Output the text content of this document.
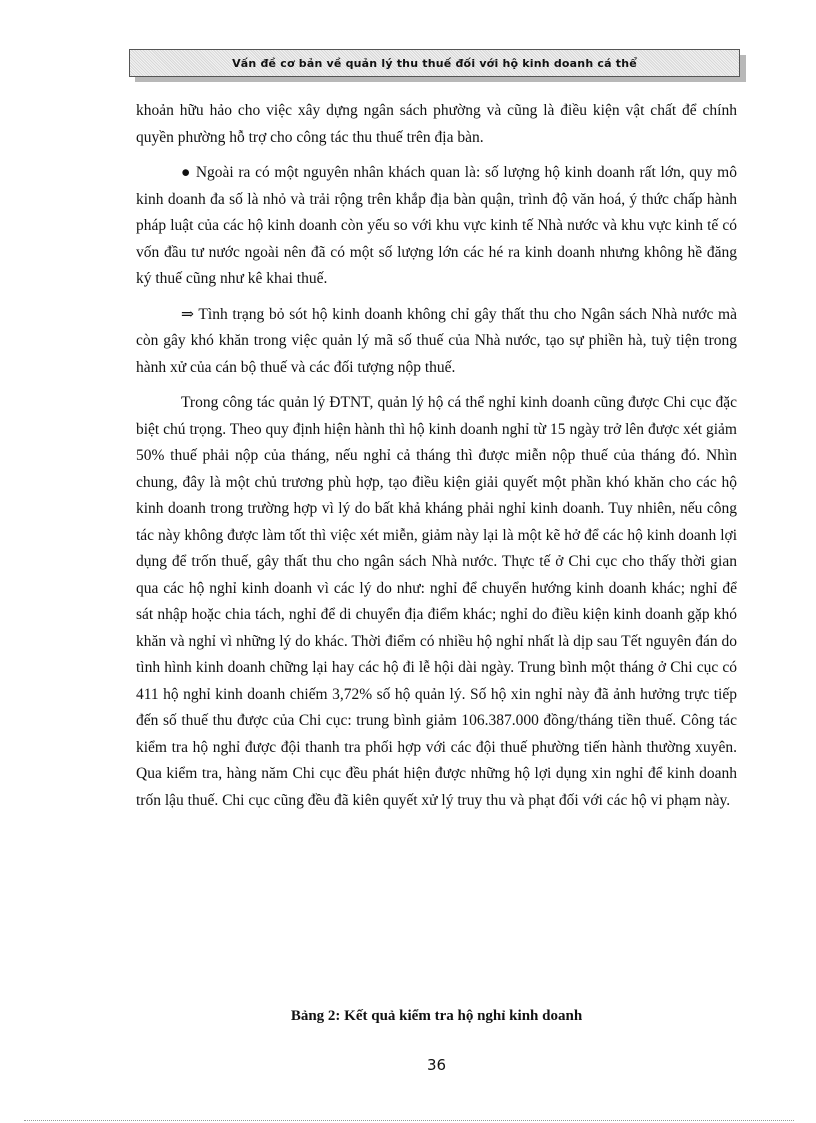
Vấn đề cơ bản về quản lý thu thuế đối với hộ kinh doanh cá thể

khoản hữu hảo cho việc xây dựng ngân sách phường và cũng là điều kiện vật chất để chính quyền phường hỗ trợ cho công tác thu thuế trên địa bàn.

● Ngoài ra có một nguyên nhân khách quan là: số lượng hộ kinh doanh rất lớn, quy mô kinh doanh đa số là nhỏ và trải rộng trên khắp địa bàn quận, trình độ văn hoá, ý thức chấp hành pháp luật của các hộ kinh doanh còn yếu so với khu vực kinh tế Nhà nước và khu vực kinh tế có vốn đầu tư nước ngoài nên đã có một số lượng lớn các hé ra kinh doanh nhưng không hề đăng ký thuế cũng như kê khai thuế.

⇒ Tình trạng bỏ sót hộ kinh doanh không chỉ gây thất thu cho Ngân sách Nhà nước mà còn gây khó khăn trong việc quản lý mã số thuế của Nhà nước, tạo sự phiền hà, tuỳ tiện trong hành xử của cán bộ thuế và các đối tượng nộp thuế.

Trong công tác quản lý ĐTNT, quản lý hộ cá thể nghỉ kinh doanh cũng được Chi cục đặc biệt chú trọng. Theo quy định hiện hành thì hộ kinh doanh nghỉ từ 15 ngày trở lên được xét giảm 50% thuế phải nộp của tháng, nếu nghỉ cả tháng thì được miễn nộp thuế của tháng đó. Nhìn chung, đây là một chủ trương phù hợp, tạo điều kiện giải quyết một phần khó khăn cho các hộ kinh doanh trong trường hợp vì lý do bất khả kháng phải nghỉ kinh doanh. Tuy nhiên, nếu công tác này không được làm tốt thì việc xét miễn, giảm này lại là một kẽ hở để các hộ kinh doanh lợi dụng để trốn thuế, gây thất thu cho ngân sách Nhà nước. Thực tế ở Chi cục cho thấy thời gian qua các hộ nghỉ kinh doanh vì các lý do như: nghỉ để chuyển hướng kinh doanh khác; nghỉ để sát nhập hoặc chia tách, nghỉ để di chuyển địa điểm khác; nghỉ do điều kiện kinh doanh gặp khó khăn và nghỉ vì những lý do khác. Thời điểm có nhiều hộ nghỉ nhất là dịp sau Tết nguyên đán do tình hình kinh doanh chững lại hay các hộ đi lễ hội dài ngày. Trung bình một tháng ở Chi cục có 411 hộ nghỉ kinh doanh chiếm 3,72% số hộ quản lý. Số hộ xin nghỉ này đã ảnh hưởng trực tiếp đến số thuế thu được của Chi cục: trung bình giảm 106.387.000 đồng/tháng tiền thuế. Công tác kiểm tra hộ nghỉ được đội thanh tra phối hợp với các đội thuế phường tiến hành thường xuyên. Qua kiểm tra, hàng năm Chi cục đều phát hiện được những hộ lợi dụng xin nghỉ để kinh doanh trốn lậu thuế. Chi cục cũng đều đã kiên quyết xử lý truy thu và phạt đối với các hộ vi phạm này.

Bảng 2: Kết quả kiểm tra hộ nghỉ kinh doanh
36
